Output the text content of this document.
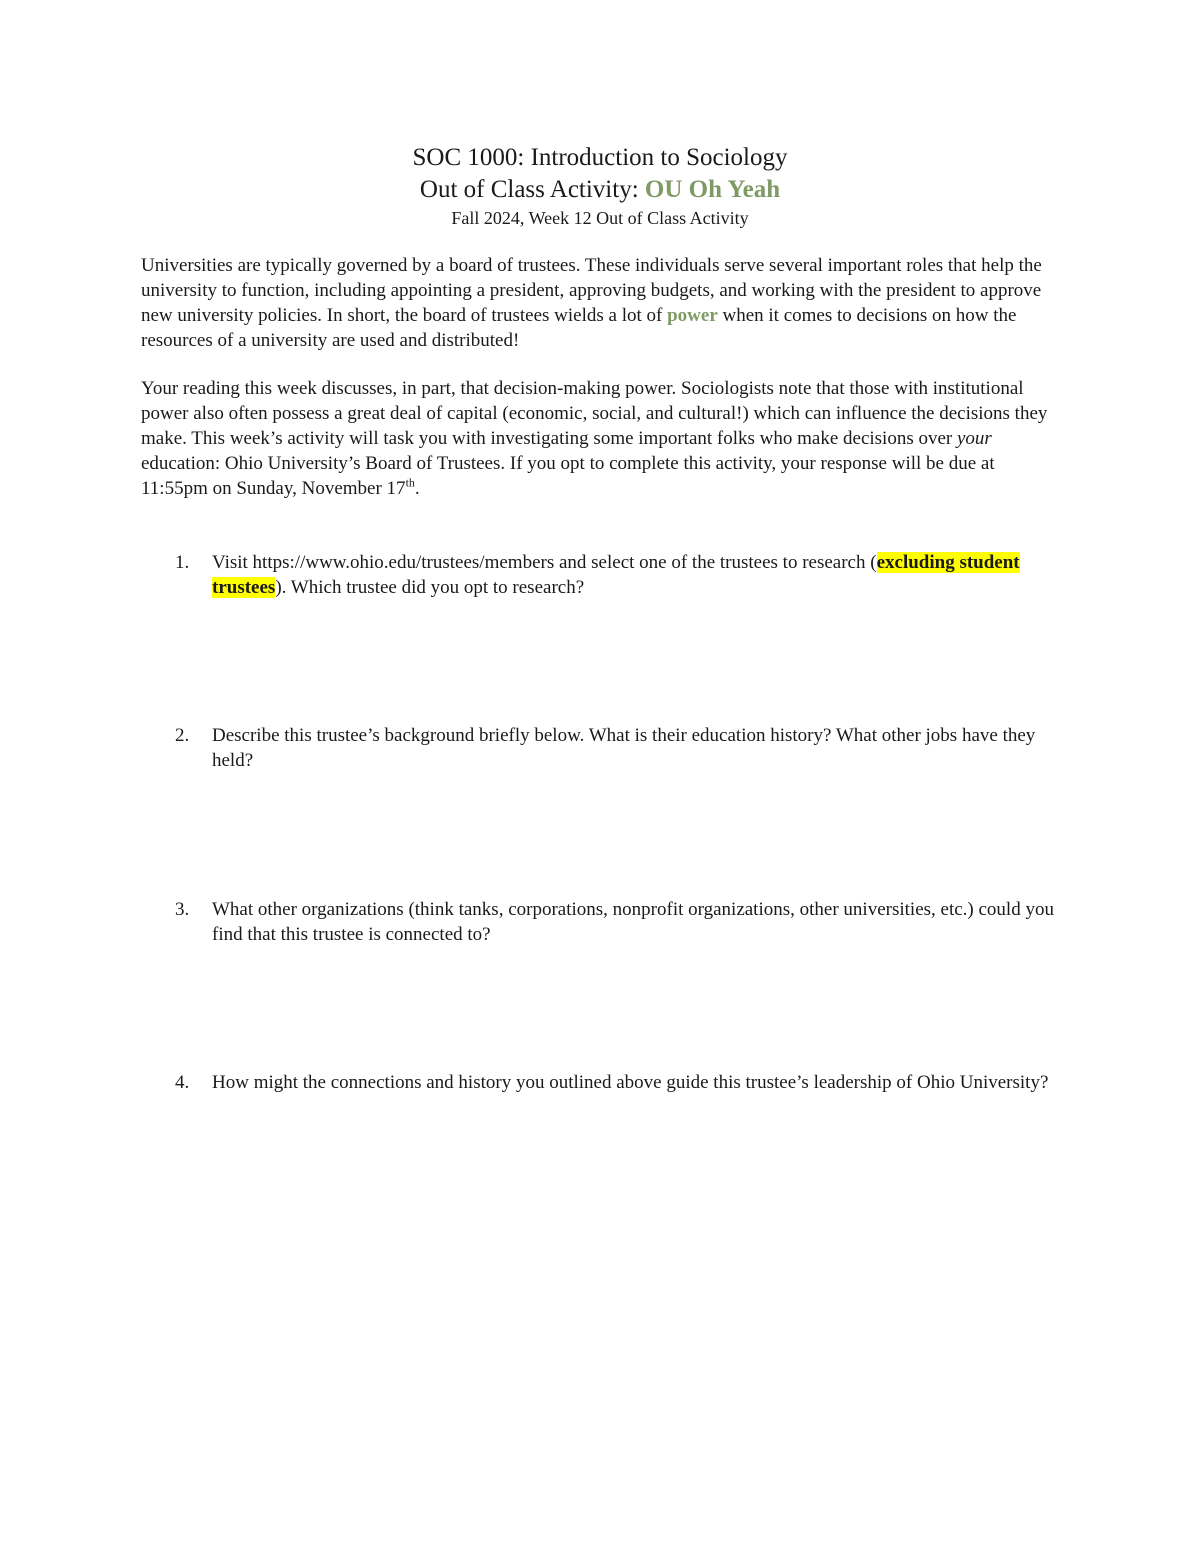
SOC 1000: Introduction to Sociology

Out of Class Activity: OU Oh Yeah

Fall 2024, Week 12 Out of Class Activity

Universities are typically governed by a board of trustees. These individuals serve several important roles that help the university to function, including appointing a president, approving budgets, and working with the president to approve new university policies. In short, the board of trustees wields a lot of power when it comes to decisions on how the resources of a university are used and distributed!

Your reading this week discusses, in part, that decision-making power. Sociologists note that those with institutional power also often possess a great deal of capital (economic, social, and cultural!) which can influence the decisions they make. This week’s activity will task you with investigating some important folks who make decisions over your education: Ohio University’s Board of Trustees. If you opt to complete this activity, your response will be due at 11:55pm on Sunday, November 17th.

1.	Visit https://www.ohio.edu/trustees/members and select one of the trustees to research (excluding student trustees). Which trustee did you opt to research?
2.	Describe this trustee’s background briefly below. What is their education history? What other jobs have they held?
3.	What other organizations (think tanks, corporations, nonprofit organizations, other universities, etc.) could you find that this trustee is connected to?
4.	How might the connections and history you outlined above guide this trustee’s leadership of Ohio University?
